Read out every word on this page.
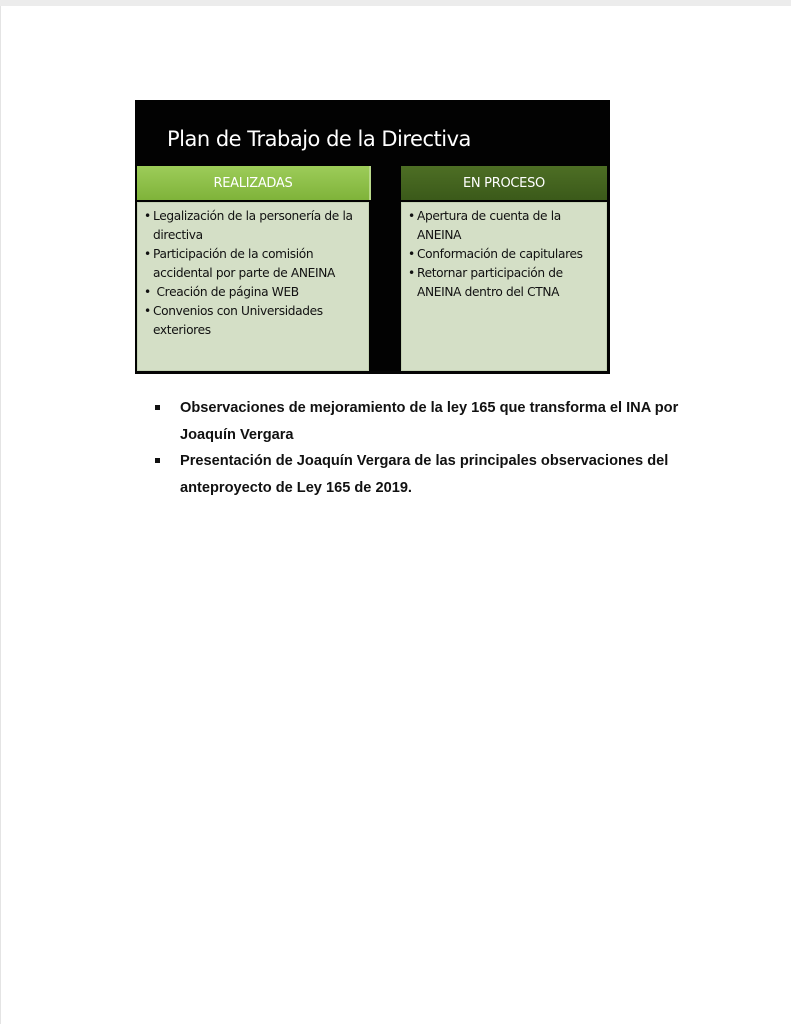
Plan de Trabajo de la Directiva
REALIZADAS	EN PROCESO
• Legalización de la personería de la directiva
• Participación de la comisión accidental por parte de ANEINA
• Creación de página WEB
• Convenios con Universidades exteriores
• Apertura de cuenta de la ANEINA
• Conformación de capitulares
• Retornar participación de ANEINA dentro del CTNA
Observaciones de mejoramiento de la ley 165 que transforma el INA por Joaquín Vergara
Presentación de Joaquín Vergara de las principales observaciones del anteproyecto de Ley 165 de 2019.
